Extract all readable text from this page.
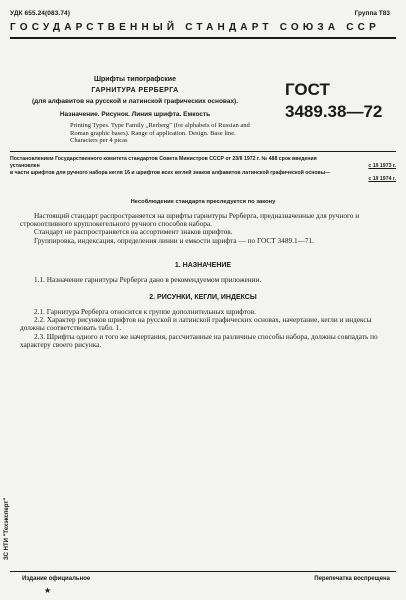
УДК 655.24(083.74)	Группа Т83
ГОСУДАРСТВЕННЫЙ СТАНДАРТ СОЮЗА ССР
Шрифты типографские
ГАРНИТУРА РЕРБЕРГА
(для алфавитов на русской и латинской графических основах).
Назначение. Рисунок. Линия шрифта. Емкость
Printing Types. Type Family „Rerberg" (for alphabets of Russian and Roman graphic bases). Range of application. Design. Base line. Characters per 4 picas
ГОСТ
3489.38—72
Постановлением Государственного комитета стандартов Совета Министров СССР от 23/II 1972 г. № 488 срок введения
установлен	с 1/I 1973 г.
в части шрифтов для ручного набора кегля 16 и шрифтов всех кеглей знаков алфавитов латинской графической основы—
с 1/I 1974 г.
Несоблюдение стандарта преследуется по закону

Настоящий стандарт распространяется на шрифты гарнитуры Рерберга, предназначенные для ручного и строкоотливного круплокегельного ручного способов набора.

Стандарт не распространяется на ассортимент знаков шрифтов.

Группировка, индексация, определения линии и емкости шрифта — по ГОСТ 3489.1—71.

1. НАЗНАЧЕНИЕ

1.1. Назначение гарнитуры Рерберга дано в рекомендуемом приложении.

2. РИСУНКИ, КЕГЛИ, ИНДЕКСЫ

2.1. Гарнитура Рерберга относится к группе дополнительных шрифтов.

2.2. Характер рисунков шрифтов на русской и латинской графических основах, начертание, кегли и индексы должны соответствовать табл. 1.

2.3. Шрифты одного и того же начертания, рассчитанные на различные способы набора, должны совпадать по характеру своего рисунка.

ЗС НТИ "Техэксперт"
Издание официальное	Перепечатка воспрещена
★
